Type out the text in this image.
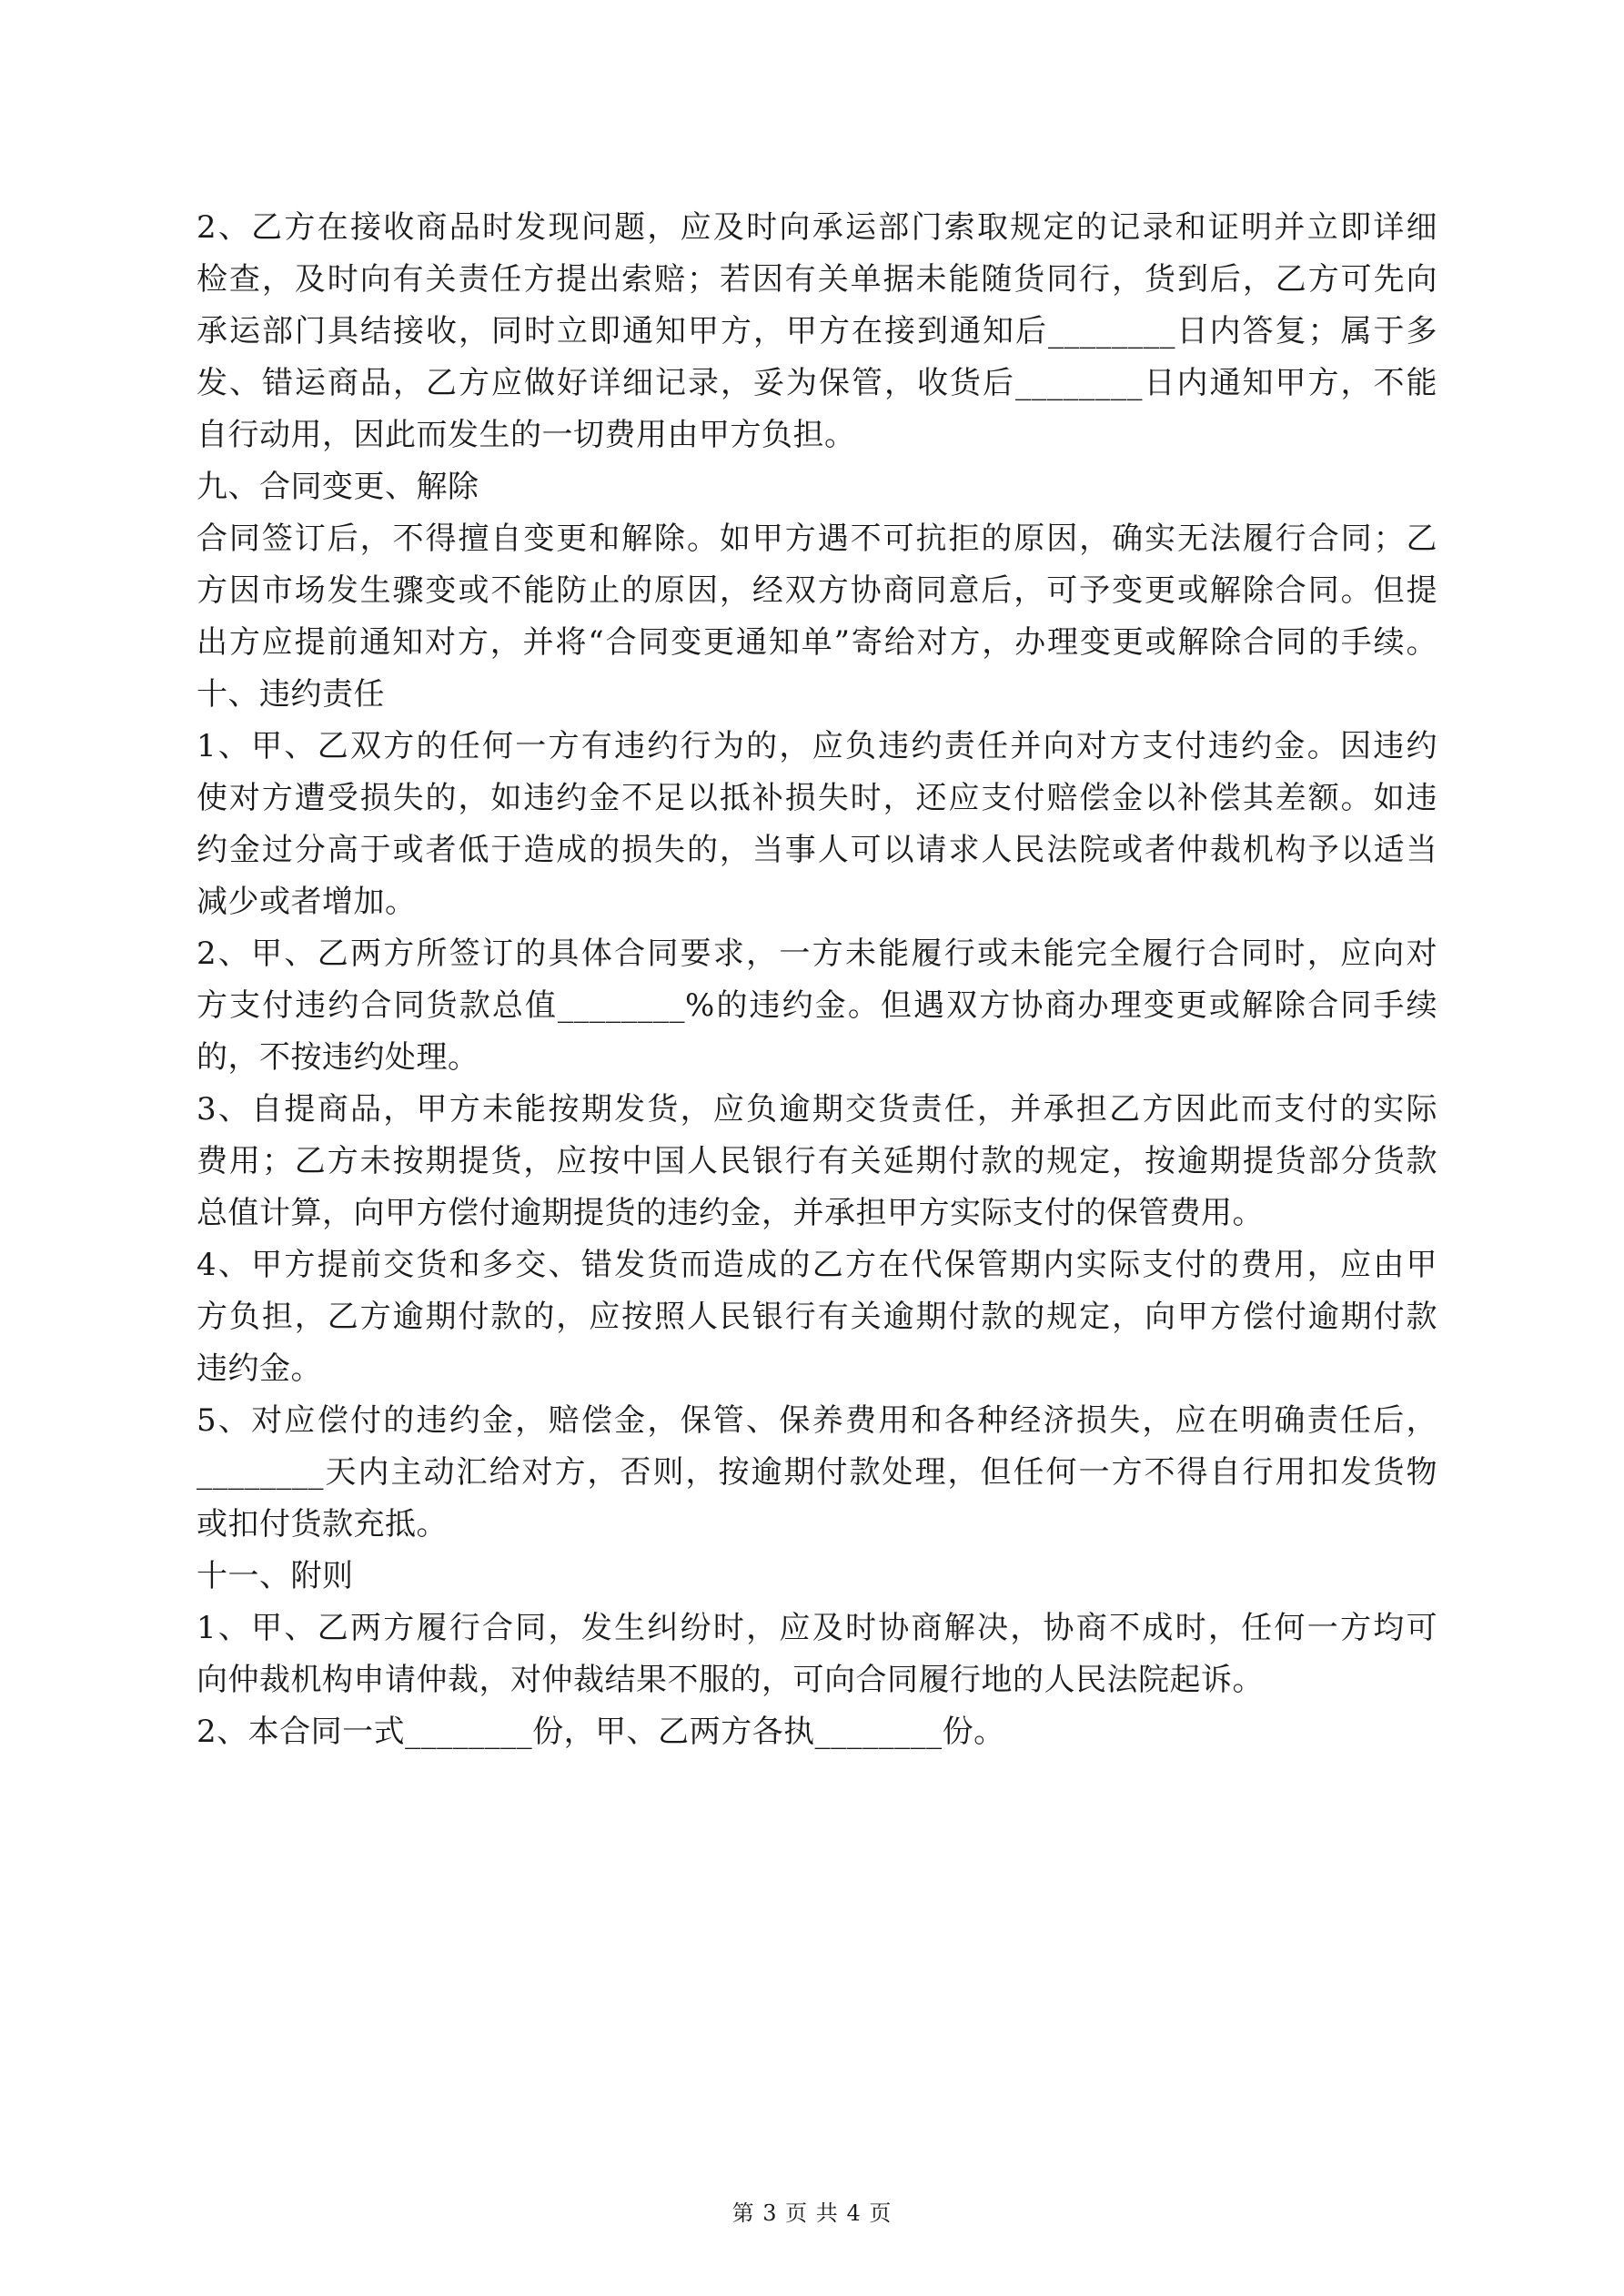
2、乙方在接收商品时发现问题，应及时向承运部门索取规定的记录和证明并立即详细
检查，及时向有关责任方提出索赔；若因有关单据未能随货同行，货到后，乙方可先向
承运部门具结接收，同时立即通知甲方，甲方在接到通知后________日内答复；属于多
发、错运商品，乙方应做好详细记录，妥为保管，收货后________日内通知甲方，不能
自行动用，因此而发生的一切费用由甲方负担。
九、合同变更、解除
合同签订后，不得擅自变更和解除。如甲方遇不可抗拒的原因，确实无法履行合同；乙
方因市场发生骤变或不能防止的原因，经双方协商同意后，可予变更或解除合同。但提
出方应提前通知对方，并将“合同变更通知单”寄给对方，办理变更或解除合同的手续。
十、违约责任
1、甲、乙双方的任何一方有违约行为的，应负违约责任并向对方支付违约金。因违约
使对方遭受损失的，如违约金不足以抵补损失时，还应支付赔偿金以补偿其差额。如违
约金过分高于或者低于造成的损失的，当事人可以请求人民法院或者仲裁机构予以适当
减少或者增加。
2、甲、乙两方所签订的具体合同要求，一方未能履行或未能完全履行合同时，应向对
方支付违约合同货款总值________%的违约金。但遇双方协商办理变更或解除合同手续
的，不按违约处理。
3、自提商品，甲方未能按期发货，应负逾期交货责任，并承担乙方因此而支付的实际
费用；乙方未按期提货，应按中国人民银行有关延期付款的规定，按逾期提货部分货款
总值计算，向甲方偿付逾期提货的违约金，并承担甲方实际支付的保管费用。
4、甲方提前交货和多交、错发货而造成的乙方在代保管期内实际支付的费用，应由甲
方负担，乙方逾期付款的，应按照人民银行有关逾期付款的规定，向甲方偿付逾期付款
违约金。
5、对应偿付的违约金，赔偿金，保管、保养费用和各种经济损失，应在明确责任后，
________天内主动汇给对方，否则，按逾期付款处理，但任何一方不得自行用扣发货物
或扣付货款充抵。
十一、附则
1、甲、乙两方履行合同，发生纠纷时，应及时协商解决，协商不成时，任何一方均可
向仲裁机构申请仲裁，对仲裁结果不服的，可向合同履行地的人民法院起诉。
2、本合同一式________份，甲、乙两方各执________份。
第 3 页 共 4 页
